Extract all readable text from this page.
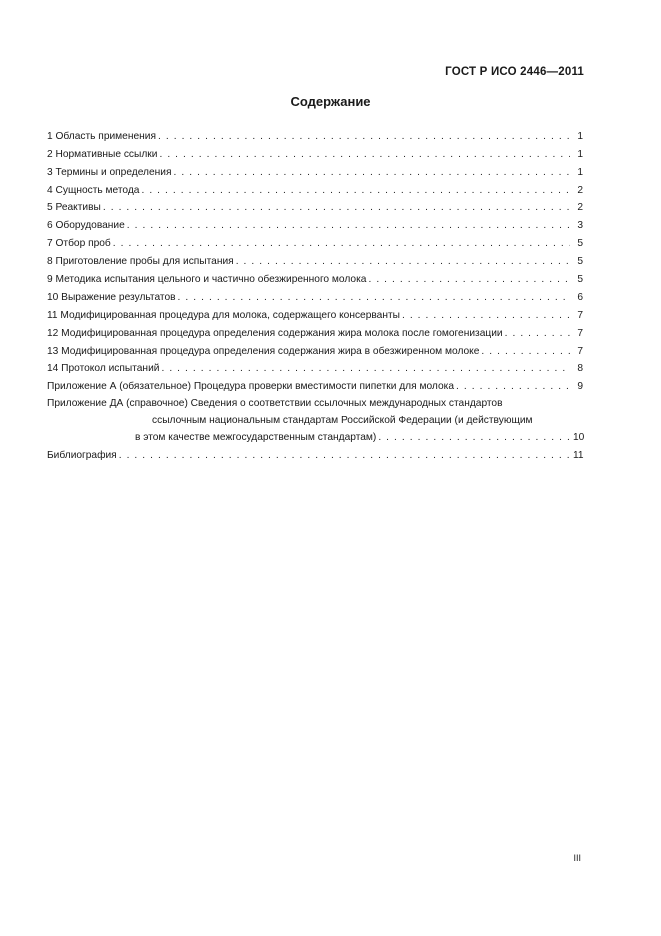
ГОСТ Р ИСО 2446—2011
Содержание
1 Область применения . . .	1
2 Нормативные ссылки . . .	1
3 Термины и определения . . .	1
4 Сущность метода . . .	2
5 Реактивы . . .	2
6 Оборудование . . .	3
7 Отбор проб . . .	5
8 Приготовление пробы для испытания . . .	5
9 Методика испытания цельного и частично обезжиренного молока . . .	5
10 Выражение результатов . . .	6
11 Модифицированная процедура для молока, содержащего консерванты . . .	7
12 Модифицированная процедура определения содержания жира молока после гомогенизации . . .	7
13 Модифицированная процедура определения содержания жира в обезжиренном молоке . . .	7
14 Протокол испытаний . . .	8
Приложение А (обязательное) Процедура проверки вместимости пипетки для молока . . .	9
Приложение ДА (справочное) Сведения о соответствии ссылочных международных стандартов
ссылочным национальным стандартам Российской Федерации (и действующим
в этом качестве межгосударственным стандартам) . . .	10
Библиография . . .	11
III
